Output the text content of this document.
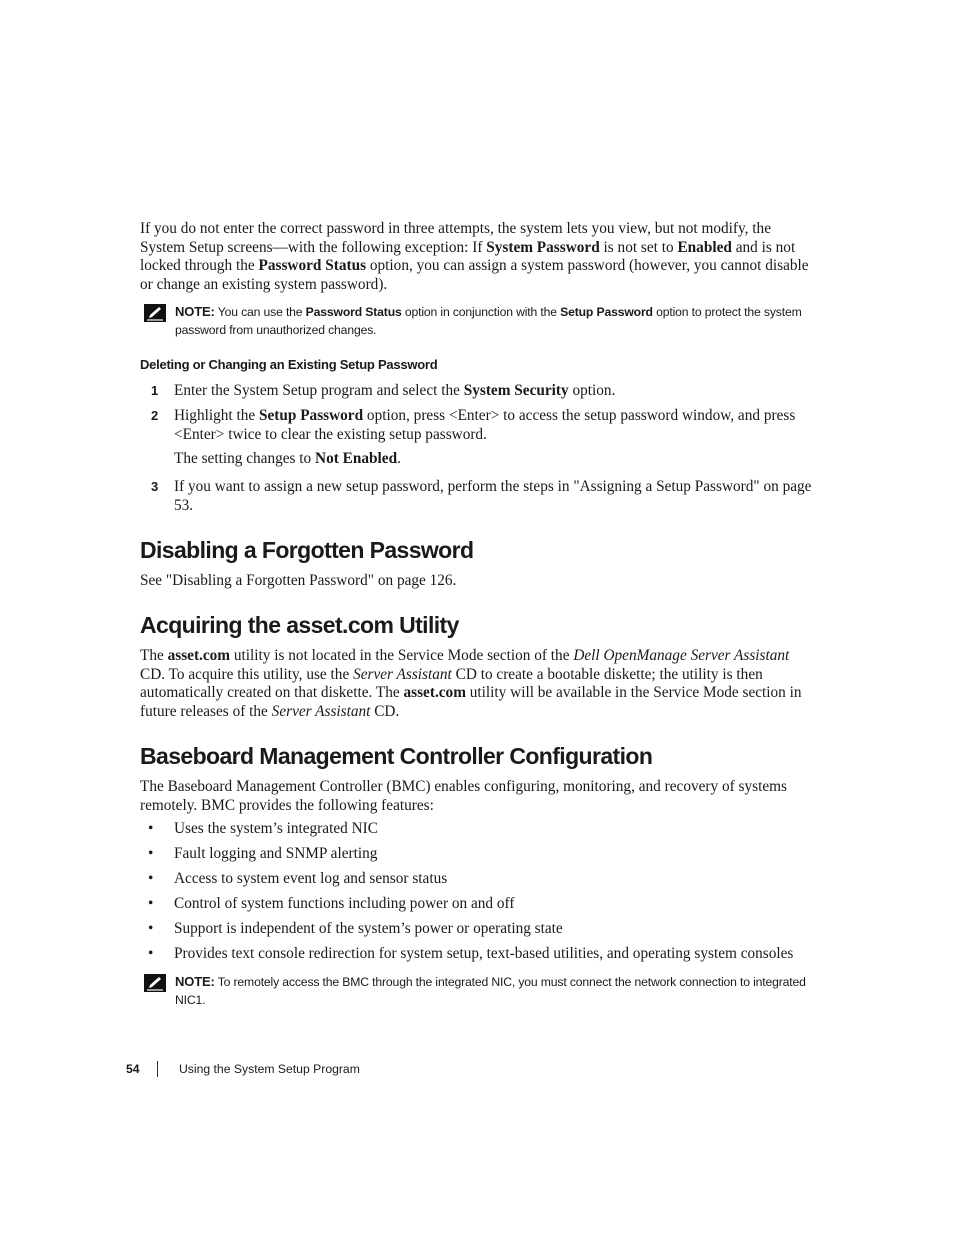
If you do not enter the correct password in three attempts, the system lets you view, but not modify, the System Setup screens—with the following exception: If System Password is not set to Enabled and is not locked through the Password Status option, you can assign a system password (however, you cannot disable or change an existing system password).

NOTE: You can use the Password Status option in conjunction with the Setup Password option to protect the system password from unauthorized changes.
Deleting or Changing an Existing Setup Password
1 Enter the System Setup program and select the System Security option.
2 Highlight the Setup Password option, press <Enter> to access the setup password window, and press <Enter> twice to clear the existing setup password.
The setting changes to Not Enabled.
3 If you want to assign a new setup password, perform the steps in "Assigning a Setup Password" on page 53.
Disabling a Forgotten Password

See "Disabling a Forgotten Password" on page 126.

Acquiring the asset.com Utility

The asset.com utility is not located in the Service Mode section of the Dell OpenManage Server Assistant CD. To acquire this utility, use the Server Assistant CD to create a bootable diskette; the utility is then automatically created on that diskette. The asset.com utility will be available in the Service Mode section in future releases of the Server Assistant CD.

Baseboard Management Controller Configuration

The Baseboard Management Controller (BMC) enables configuring, monitoring, and recovery of systems remotely. BMC provides the following features:

• Uses the system’s integrated NIC
• Fault logging and SNMP alerting
• Access to system event log and sensor status
• Control of system functions including power on and off
• Support is independent of the system’s power or operating state
• Provides text console redirection for system setup, text-based utilities, and operating system consoles
NOTE: To remotely access the BMC through the integrated NIC, you must connect the network connection to integrated NIC1.
54	Using the System Setup Program
